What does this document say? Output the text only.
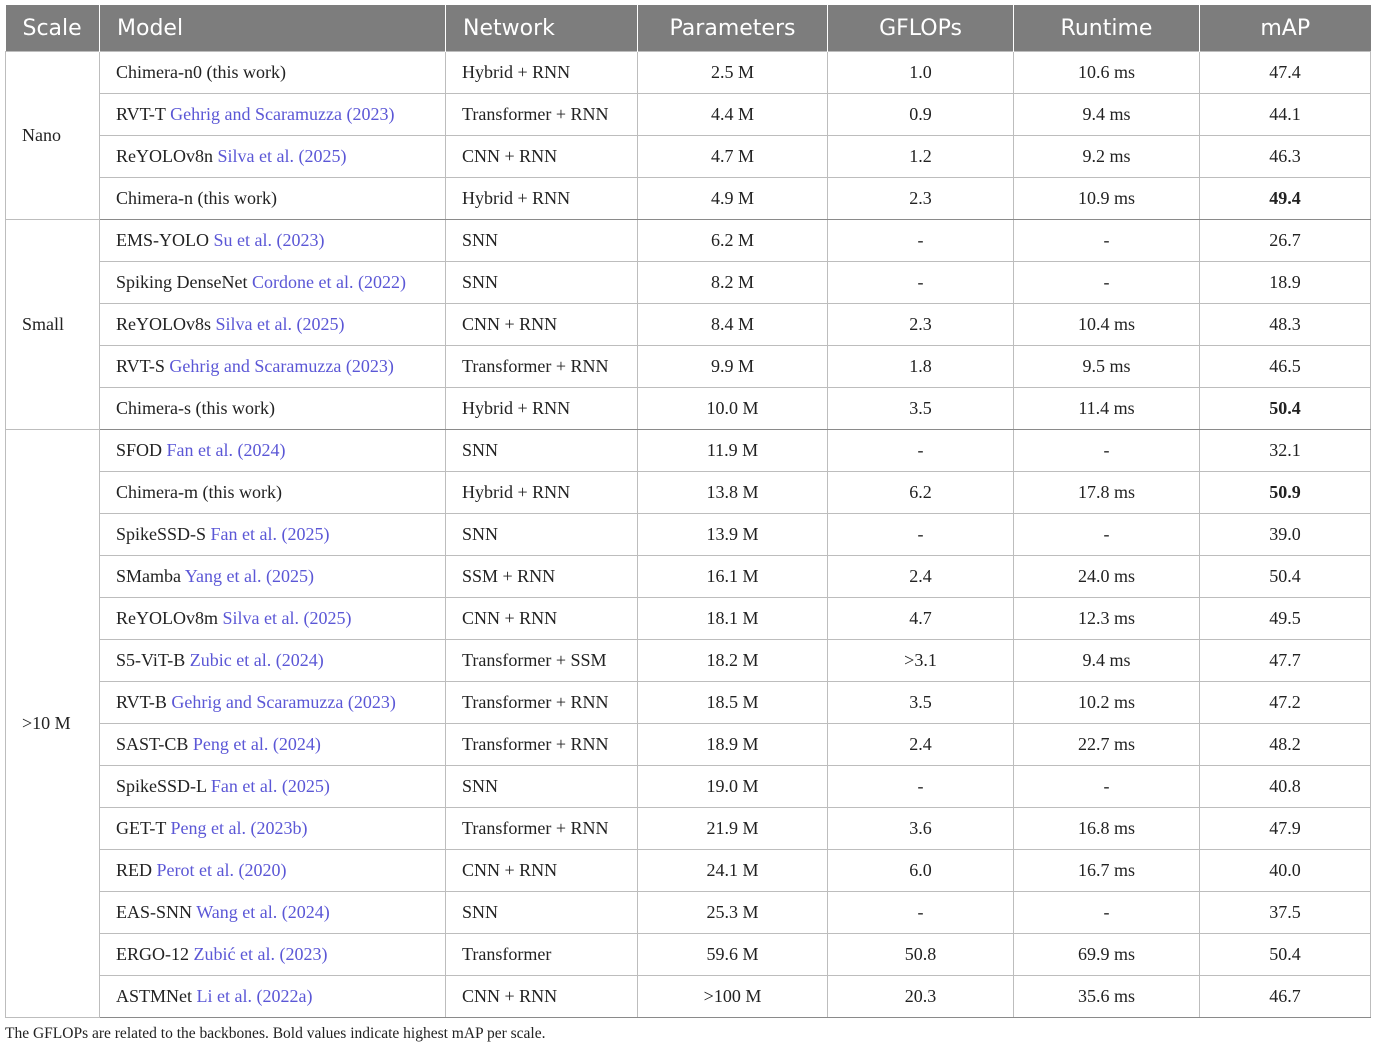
Scale	Model	Network	Parameters	GFLOPs	Runtime	mAP
Nano	Chimera-n0 (this work)	Hybrid + RNN	2.5 M	1.0	10.6 ms	47.4
	RVT-T Gehrig and Scaramuzza (2023)	Transformer + RNN	4.4 M	0.9	9.4 ms	44.1
	ReYOLOv8n Silva et al. (2025)	CNN + RNN	4.7 M	1.2	9.2 ms	46.3
	Chimera-n (this work)	Hybrid + RNN	4.9 M	2.3	10.9 ms	49.4
Small	EMS-YOLO Su et al. (2023)	SNN	6.2 M	-	-	26.7
	Spiking DenseNet Cordone et al. (2022)	SNN	8.2 M	-	-	18.9
	ReYOLOv8s Silva et al. (2025)	CNN + RNN	8.4 M	2.3	10.4 ms	48.3
	RVT-S Gehrig and Scaramuzza (2023)	Transformer + RNN	9.9 M	1.8	9.5 ms	46.5
	Chimera-s (this work)	Hybrid + RNN	10.0 M	3.5	11.4 ms	50.4
>10 M	SFOD Fan et al. (2024)	SNN	11.9 M	-	-	32.1
	Chimera-m (this work)	Hybrid + RNN	13.8 M	6.2	17.8 ms	50.9
	SpikeSSD-S Fan et al. (2025)	SNN	13.9 M	-	-	39.0
	SMamba Yang et al. (2025)	SSM + RNN	16.1 M	2.4	24.0 ms	50.4
	ReYOLOv8m Silva et al. (2025)	CNN + RNN	18.1 M	4.7	12.3 ms	49.5
	S5-ViT-B Zubic et al. (2024)	Transformer + SSM	18.2 M	>3.1	9.4 ms	47.7
	RVT-B Gehrig and Scaramuzza (2023)	Transformer + RNN	18.5 M	3.5	10.2 ms	47.2
	SAST-CB Peng et al. (2024)	Transformer + RNN	18.9 M	2.4	22.7 ms	48.2
	SpikeSSD-L Fan et al. (2025)	SNN	19.0 M	-	-	40.8
	GET-T Peng et al. (2023b)	Transformer + RNN	21.9 M	3.6	16.8 ms	47.9
	RED Perot et al. (2020)	CNN + RNN	24.1 M	6.0	16.7 ms	40.0
	EAS-SNN Wang et al. (2024)	SNN	25.3 M	-	-	37.5
	ERGO-12 Zubić et al. (2023)	Transformer	59.6 M	50.8	69.9 ms	50.4
	ASTMNet Li et al. (2022a)	CNN + RNN	>100 M	20.3	35.6 ms	46.7
The GFLOPs are related to the backbones. Bold values indicate highest mAP per scale.
